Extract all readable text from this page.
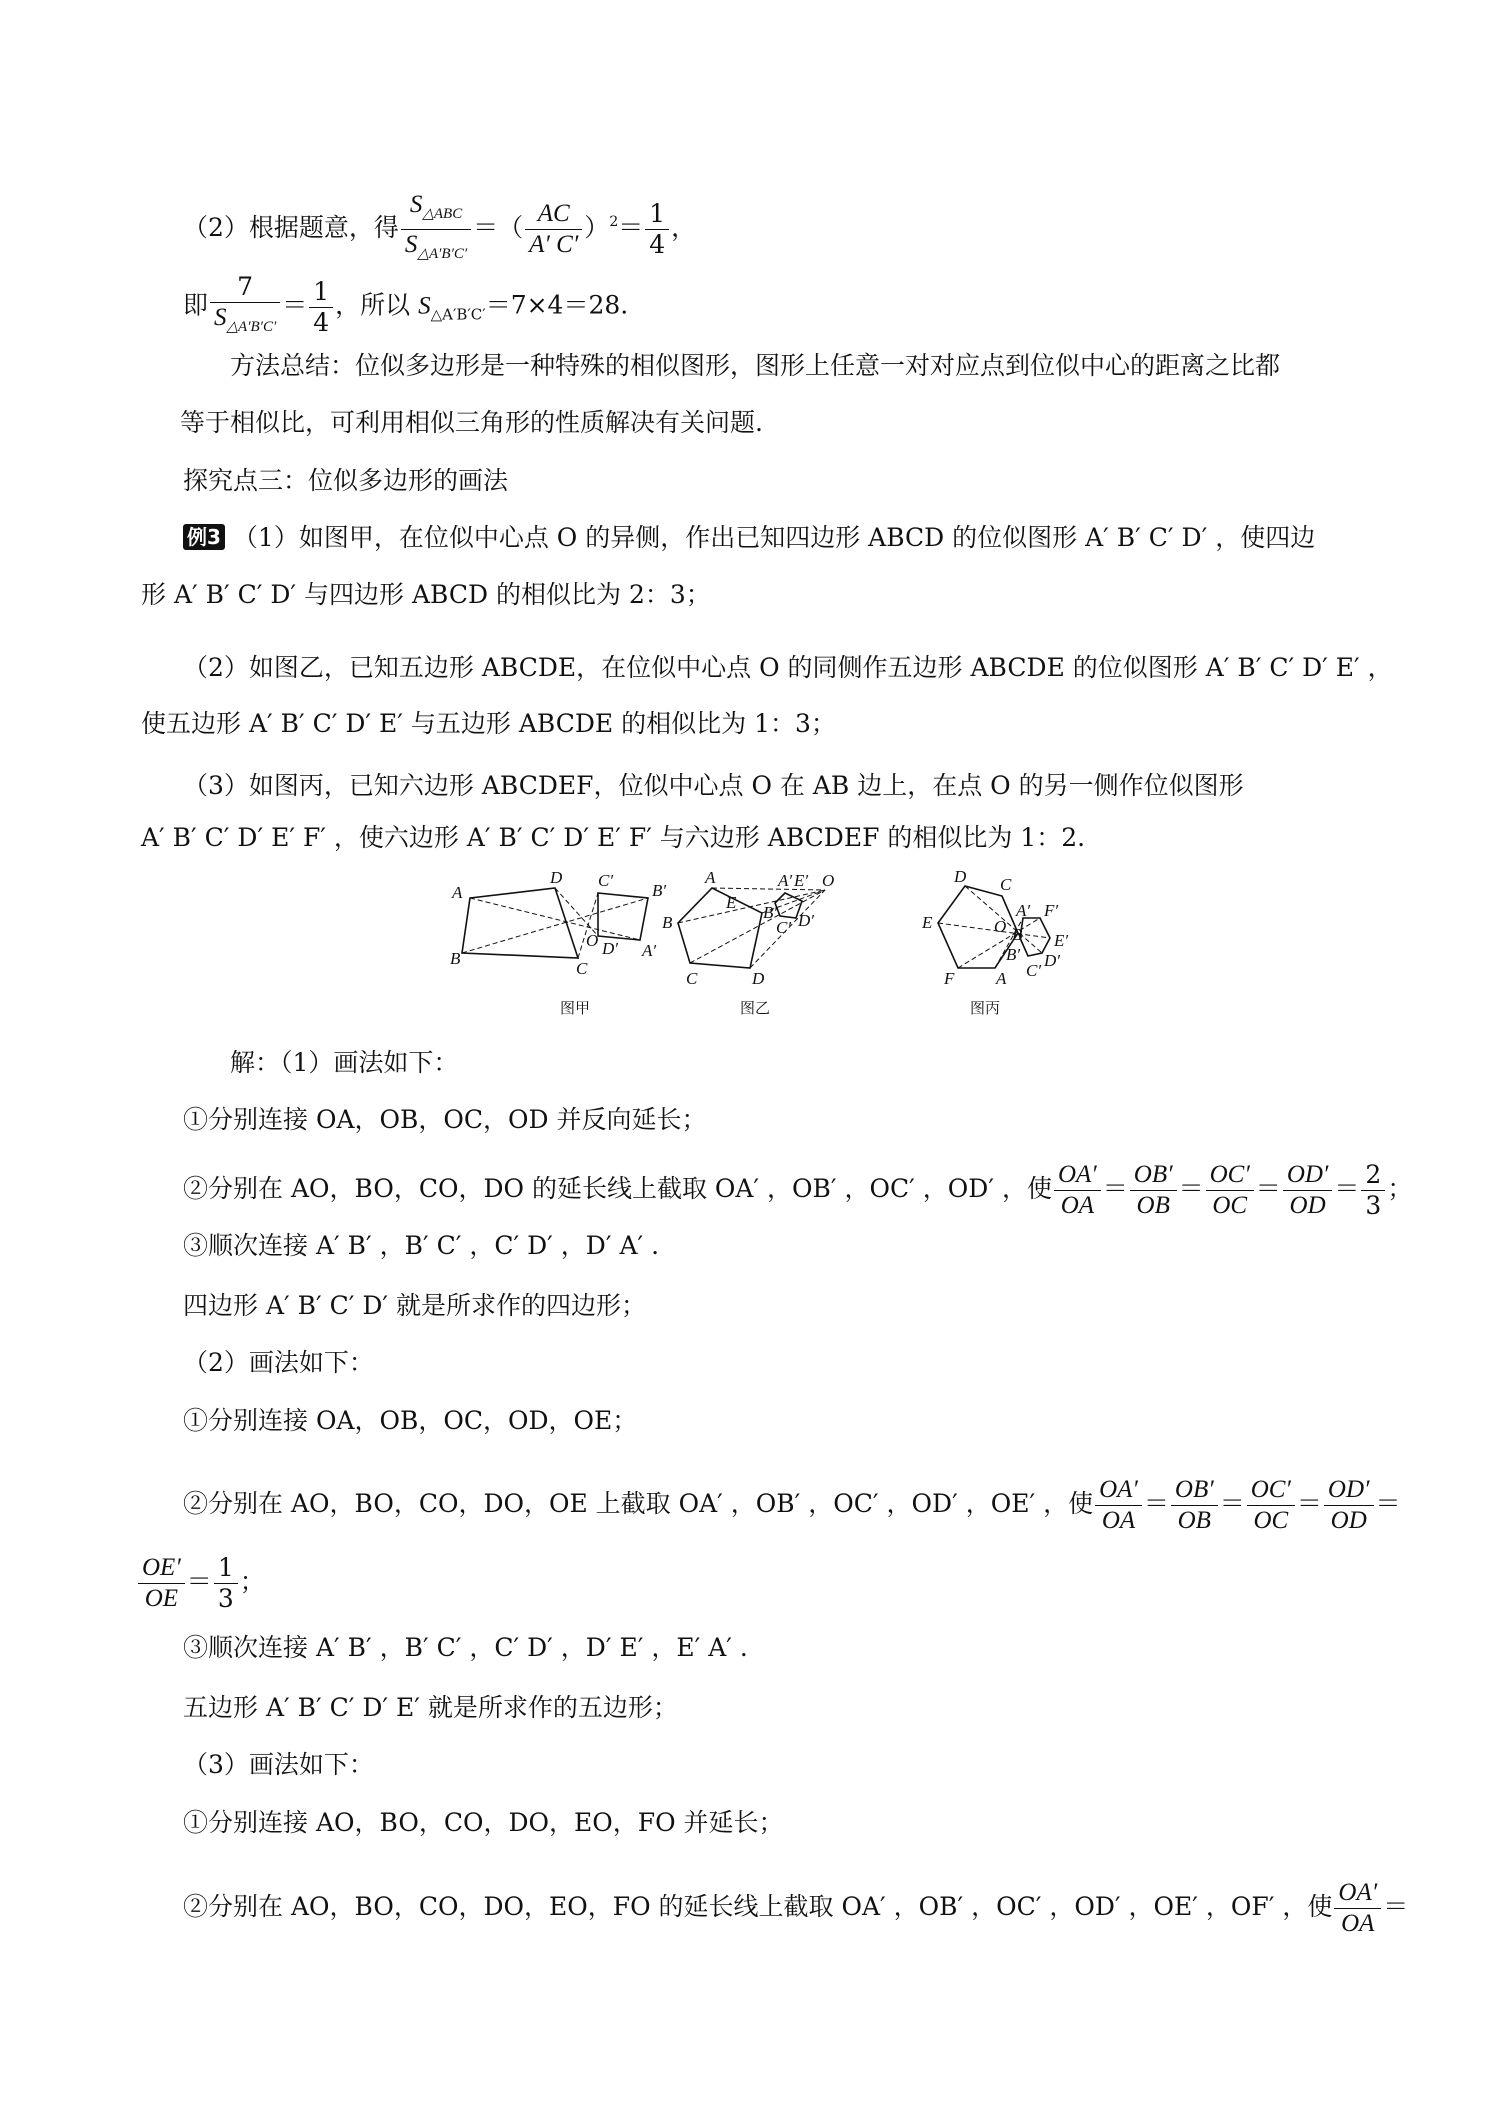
（2）根据题意，得 $\frac{S_{\triangle ABC}}{S_{\triangle A'B'C'}}$ ＝（ $\frac{AC}{A' C'} )^2= \frac{1}{4}$ ，
即 $\frac{7}{S_{\triangle A'B'C'}} = \frac{1}{4}$ ，所以 $S_{\triangle A'B'C'}=7\times 4=28$.
方法总结：位似多边形是一种特殊的相似图形，图形上任意一对对应点到位似中心的距离之比都
等于相似比，可利用相似三角形的性质解决有关问题.
探究点三：位似多边形的画法
例3 （1）如图甲，在位似中心点 O 的异侧，作出已知四边形 ABCD 的位似图形 A′ B′ C′ D′ ，使四边
形 A′ B′ C′ D′ 与四边形 ABCD 的相似比为 2：3；
（2）如图乙，已知五边形 ABCDE，在位似中心点 O 的同侧作五边形 ABCDE 的位似图形 A′ B′ C′ D′ E′ ，
使五边形 A′ B′ C′ D′ E′ 与五边形 ABCDE 的相似比为 1：3；
（3）如图丙，已知六边形 ABCDEF，位似中心点 O 在 AB 边上，在点 O 的另一侧作位似图形
A′ B′ C′ D′ E′ F′ ，使六边形 A′ B′ C′ D′ E′ F′ 与六边形 ABCDEF 的相似比为 1：2.
A
D C′
B′
B
O D′ A′
C
图甲
A	A′ E′ O
E
B′
C′ D′
B
D
C
图乙
D C
A′ F′
E	O B E′
B′ D′
C′
F A
图丙
解：（1）画法如下：
①分别连接 OA，OB，OC，OD 并反向延长；
②分别在 AO，BO，CO，DO 的延长线上截取 OA′ ，OB′ ，OC′ ，OD′ ，使 $\frac{OA'}{OA} = \frac{OB'}{OB} = \frac{OC'}{OC} = \frac{OD'}{OD} = \frac{2}{3}$ ；
③顺次连接 A′ B′ ，B′ C′ ，C′ D′ ，D′ A′ .
四边形 A′ B′ C′ D′ 就是所求作的四边形；
（2）画法如下：
①分别连接 OA，OB，OC，OD，OE；
②分别在 AO，BO，CO，DO，OE 上截取 OA′ ，OB′ ，OC′ ，OD′ ，OE′ ，使 $\frac{OA'}{OA} = \frac{OB'}{OB} = \frac{OC'}{OC} = \frac{OD'}{OD}$ ＝
$\frac{OE'}{OE} = \frac{1}{3}$ ；
③顺次连接 A′ B′ ，B′ C′ ，C′ D′ ，D′ E′ ，E′ A′ .
五边形 A′ B′ C′ D′ E′ 就是所求作的五边形；
（3）画法如下：
①分别连接 AO，BO，CO，DO，EO，FO 并延长；
②分别在 AO，BO，CO，DO，EO，FO 的延长线上截取 OA′ ，OB′ ，OC′ ，OD′ ，OE′ ，OF′ ，使 $\frac{OA'}{OA}$ ＝
